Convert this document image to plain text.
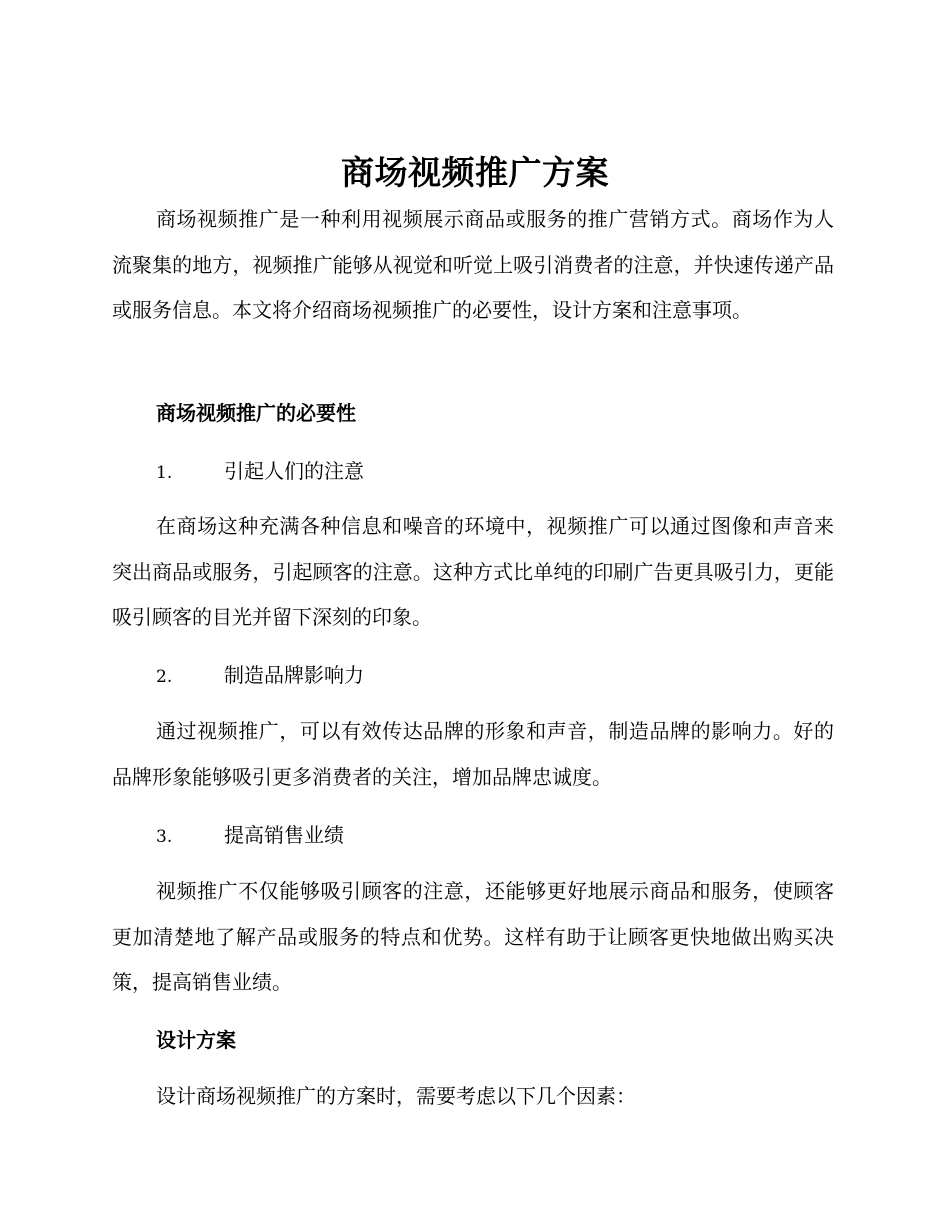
商场视频推广方案

商场视频推广是一种利用视频展示商品或服务的推广营销方式。商场作为人流聚集的地方，视频推广能够从视觉和听觉上吸引消费者的注意，并快速传递产品或服务信息。本文将介绍商场视频推广的必要性，设计方案和注意事项。

商场视频推广的必要性
1.	引起人们的注意

在商场这种充满各种信息和噪音的环境中，视频推广可以通过图像和声音来突出商品或服务，引起顾客的注意。这种方式比单纯的印刷广告更具吸引力，更能吸引顾客的目光并留下深刻的印象。

2.	制造品牌影响力

通过视频推广，可以有效传达品牌的形象和声音，制造品牌的影响力。好的品牌形象能够吸引更多消费者的关注，增加品牌忠诚度。

3.	提高销售业绩

视频推广不仅能够吸引顾客的注意，还能够更好地展示商品和服务，使顾客更加清楚地了解产品或服务的特点和优势。这样有助于让顾客更快地做出购买决策，提高销售业绩。

设计方案

设计商场视频推广的方案时，需要考虑以下几个因素：
